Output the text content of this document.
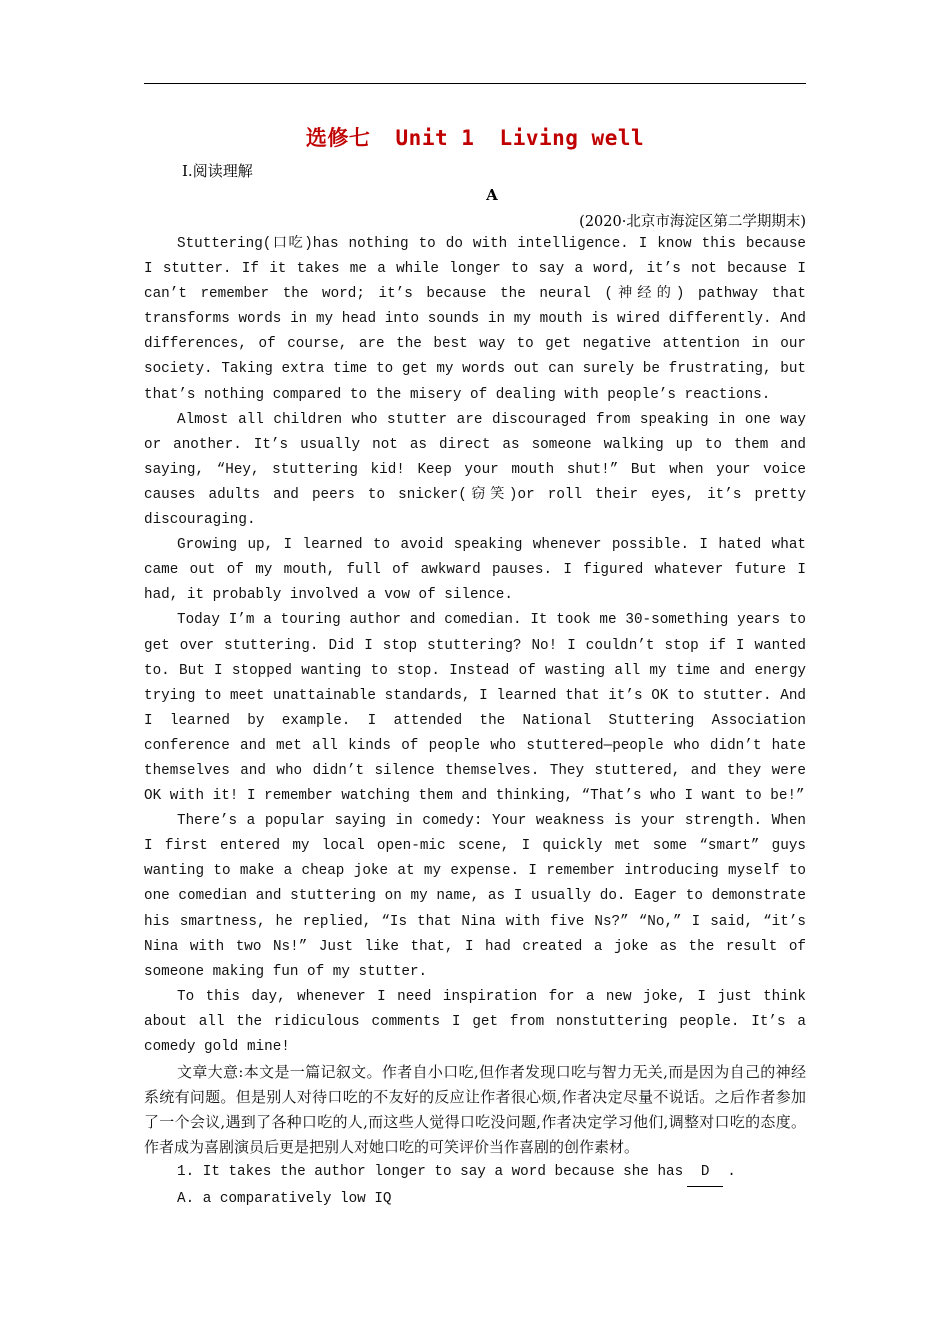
选修七 Unit 1 Living well
Ⅰ.阅读理解
A
(2020·北京市海淀区第二学期期末)

Stuttering(口吃)has nothing to do with intelligence. I know this because I stutter. If it takes me a while longer to say a word, it’s not because I can’t remember the word; it’s because the neural (神经的) pathway that transforms words in my head into sounds in my mouth is wired differently. And differences, of course, are the best way to get negative attention in our society. Taking extra time to get my words out can surely be frustrating, but that’s nothing compared to the misery of dealing with people’s reactions.

Almost all children who stutter are discouraged from speaking in one way or another. It’s usually not as direct as someone walking up to them and saying, “Hey, stuttering kid! Keep your mouth shut!” But when your voice causes adults and peers to snicker(窃笑)or roll their eyes, it’s pretty discouraging.

Growing up, I learned to avoid speaking whenever possible. I hated what came out of my mouth, full of awkward pauses. I figured whatever future I had, it probably involved a vow of silence.

Today I’m a touring author and comedian. It took me 30-something years to get over stuttering. Did I stop stuttering? No! I couldn’t stop if I wanted to. But I stopped wanting to stop. Instead of wasting all my time and energy trying to meet unattainable standards, I learned that it’s OK to stutter. And I learned by example. I attended the National Stuttering Association conference and met all kinds of people who stuttered—people who didn’t hate themselves and who didn’t silence themselves. They stuttered, and they were OK with it! I remember watching them and thinking, “That’s who I want to be!”

There’s a popular saying in comedy: Your weakness is your strength. When I first entered my local open-mic scene, I quickly met some “smart” guys wanting to make a cheap joke at my expense. I remember introducing myself to one comedian and stuttering on my name, as I usually do. Eager to demonstrate his smartness, he replied, “Is that Nina with five Ns?” “No,” I said, “it’s Nina with two Ns!” Just like that, I had created a joke as the result of someone making fun of my stutter.

To this day, whenever I need inspiration for a new joke, I just think about all the ridiculous comments I get from nonstuttering people. It’s a comedy gold mine!

文章大意:本文是一篇记叙文。作者自小口吃,但作者发现口吃与智力无关,而是因为自己的神经系统有问题。但是别人对待口吃的不友好的反应让作者很心烦,作者决定尽量不说话。之后作者参加了一个会议,遇到了各种口吃的人,而这些人觉得口吃没问题,作者决定学习他们,调整对口吃的态度。作者成为喜剧演员后更是把别人对她口吃的可笑评价当作喜剧的创作素材。

1. It takes the author longer to say a word because she has D .

A. a comparatively low IQ
